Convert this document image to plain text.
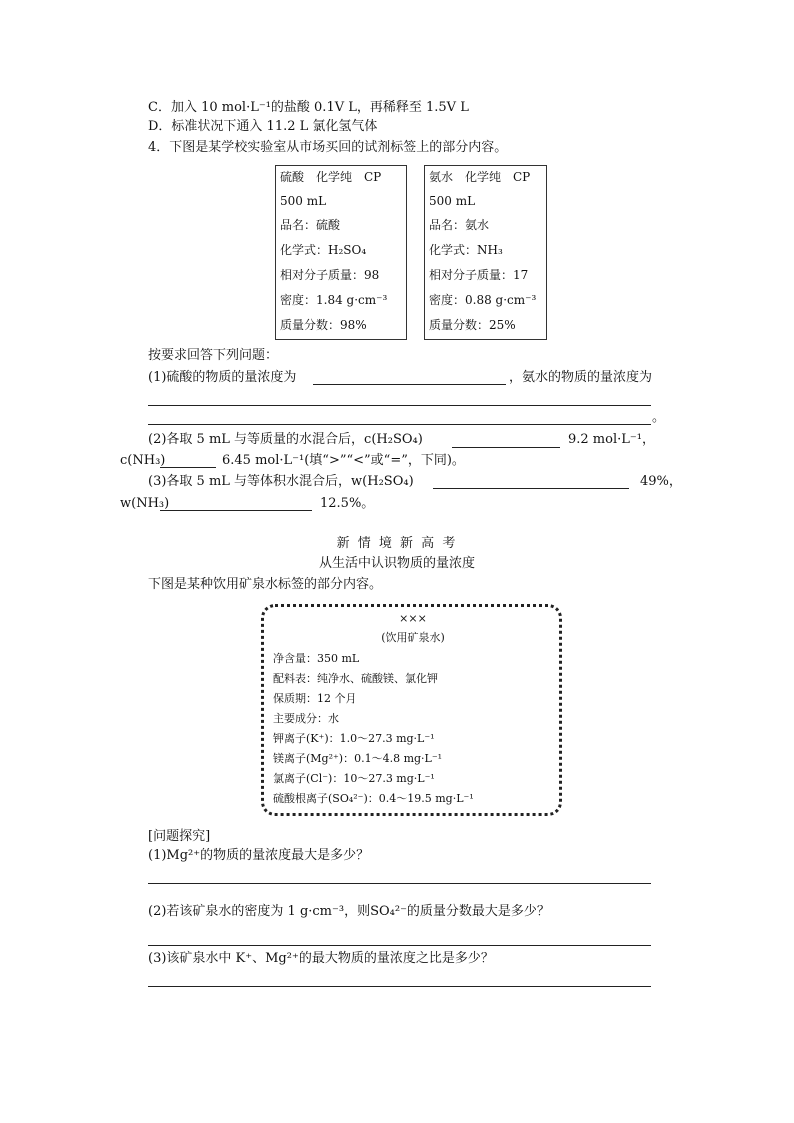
C．加入 10 mol·L⁻¹的盐酸 0.1V L，再稀释至 1.5V L
D．标准状况下通入 11.2 L 氯化氢气体
4．下图是某学校实验室从市场买回的试剂标签上的部分内容。
硫酸　化学纯　CP
500 mL
品名：硫酸
化学式：H₂SO₄
相对分子质量：98
密度：1.84 g·cm⁻³
质量分数：98%
氨水　化学纯　CP
500 mL
品名：氨水
化学式：NH₃
相对分子质量：17
密度：0.88 g·cm⁻³
质量分数：25%
按要求回答下列问题：
(1)硫酸的物质的量浓度为	，氨水的物质的量浓度为
。
(2)各取 5 mL 与等质量的水混合后，c(H₂SO₄)	9.2 mol·L⁻¹，
c(NH₃)	6.45 mol·L⁻¹(填“>”“<”或“=”，下同)。
(3)各取 5 mL 与等体积水混合后，w(H₂SO₄)	49%，
w(NH₃)	12.5%。
新 情 境 新 高 考
从生活中认识物质的量浓度
下图是某种饮用矿泉水标签的部分内容。
×××
(饮用矿泉水)
净含量：350 mL
配料表：纯净水、硫酸镁、氯化钾
保质期：12 个月
主要成分：水
钾离子(K⁺)：1.0～27.3 mg·L⁻¹
镁离子(Mg²⁺)：0.1～4.8 mg·L⁻¹
氯离子(Cl⁻)：10～27.3 mg·L⁻¹
硫酸根离子(SO₄²⁻)：0.4～19.5 mg·L⁻¹
[问题探究]
(1)Mg²⁺的物质的量浓度最大是多少？
(2)若该矿泉水的密度为 1 g·cm⁻³，则SO₄²⁻的质量分数最大是多少？
(3)该矿泉水中 K⁺、Mg²⁺的最大物质的量浓度之比是多少？
